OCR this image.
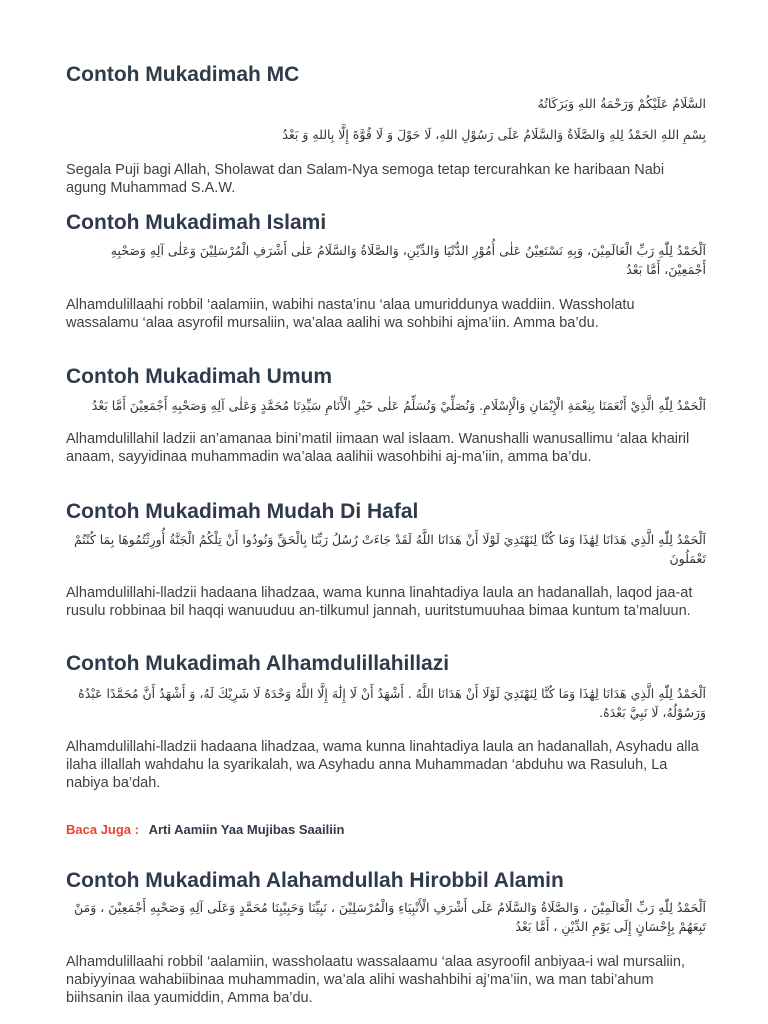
Contoh Mukadimah MC

السَّلَامُ عَلَيْكُمْ وَرَحْمَةُ اللهِ وَبَرَكَاتُهُ

بِسْمِ اللهِ الحَمْدُ لِلهِ وَالصَّلَاةُ وَالسَّلَامُ عَلَى رَسُوْلِ اللهِ، لَا حَوْلَ وَ لَا قُوَّةَ إِلَّا بِاللهِ وَ بَعْدُ

Segala Puji bagi Allah, Sholawat dan Salam-Nya semoga tetap tercurahkan ke haribaan Nabi agung Muhammad S.A.W.

Contoh Mukadimah Islami

اَلْحَمْدُ لِلّٰهِ رَبِّ الْعَالَمِيْنَ، وَبِهِ نَسْتَعِيْنُ عَلٰى أُمُوْرِ الدُّنْيَا وَالدِّيْنِ، وَالصَّلَاةُ وَالسَّلَامُ عَلٰى أَشْرَفِ الْمُرْسَلِيْنَ وَعَلٰى آلِهِ وَصَحْبِهِ أَجْمَعِيْنَ، أَمَّا بَعْدُ

Alhamdulillaahi robbil ‘aalamiin, wabihi nasta’inu ‘alaa umuriddunya waddiin. Wassholatu wassalamu ‘alaa asyrofil mursaliin, wa’alaa aalihi wa sohbihi ajma’iin. Amma ba’du.

Contoh Mukadimah Umum

اَلْحَمْدُ لِلّٰهِ الَّذِيْ أَنْعَمَنَا بِنِعْمَةِ الْإِيْمَانِ وَالْإِسْلَامِ. وَنُصَلِّيْ وَنُسَلِّمُ عَلٰى خَيْرِ الْأَنَامِ سَيِّدِنَا مُحَمَّدٍ وَعَلٰى آلِهِ وَصَحْبِهِ أَجْمَعِيْنَ أَمَّا بَعْدُ

Alhamdulillahil ladzii an’amanaa bini’matil iimaan wal islaam. Wanushalli wanusallimu ‘alaa khairil anaam, sayyidinaa muhammadin wa’alaa aalihii wasohbihi aj-ma’iin, amma ba’du.

Contoh Mukadimah Mudah Di Hafal

اَلْحَمْدُ لِلّٰهِ الَّذِي هَدَانَا لِهَٰذَا وَمَا كُنَّا لِنَهْتَدِيَ لَوْلَا أَنْ هَدَانَا اللَّهُ لَقَدْ جَاءَتْ رُسُلُ رَبِّنَا بِالْحَقِّ وَنُودُوا أَنْ تِلْكُمُ الْجَنَّةُ أُورِثْتُمُوهَا بِمَا كُنْتُمْ تَعْمَلُونَ

Alhamdulillahi-lladzii hadaana lihadzaa, wama kunna linahtadiya laula an hadanallah, laqod jaa-at rusulu robbinaa bil haqqi wanuuduu an-tilkumul jannah, uuritstumuuhaa bimaa kuntum ta’maluun.

Contoh Mukadimah Alhamdulillahillazi

اَلْحَمْدُ لِلّٰهِ الَّذِي هَدَانَا لِهَٰذَا وَمَا كُنَّا لِنَهْتَدِيَ لَوْلَا أَنْ هَدَانَا اللَّهُ . أَشْهَدُ أَنْ لَا إِلَٰهَ إِلَّا اللَّهُ وَحْدَهُ لَا شَرِيْكَ لَهُ، وَ أَشْهَدُ أَنَّ مُحَمَّدًا عَبْدُهُ وَرَسُوْلُهُ، لَا نَبِيَّ بَعْدَهُ.

Alhamdulillahi-lladzii hadaana lihadzaa, wama kunna linahtadiya laula an hadanallah, Asyhadu alla ilaha illallah wahdahu la syarikalah, wa Asyhadu anna Muhammadan ‘abduhu wa Rasuluh, La nabiya ba’dah.

Baca Juga : Arti Aamiin Yaa Mujibas Saailiin

Contoh Mukadimah Alahamdullah Hirobbil Alamin

اَلْحَمْدُ لِلّٰهِ رَبِّ الْعَالَمِيْنَ ، وَالصَّلَاةُ وَالسَّلَامُ عَلَى أَشْرَفِ الْأَنْبِيَاءِ وَالْمُرْسَلِيْنَ ، نَبِيِّنَا وَحَبِيْبِنَا مُحَمَّدٍ وَعَلَى آلِهِ وَصَحْبِهِ أَجْمَعِيْنَ ، وَمَنْ تَبِعَهُمْ بِإِحْسَانٍ إِلَى يَوْمِ الدِّيْنِ ، أَمَّا بَعْدُ

Alhamdulillaahi robbil ‘aalamiin, wassholaatu wassalaamu ‘alaa asyroofil anbiyaa-i wal mursaliin, nabiyyinaa wahabiibinaa muhammadin, wa’ala alihi washahbihi aj’ma’iin, wa man tabi’ahum biihsanin ilaa yaumiddin, Amma ba’du.
